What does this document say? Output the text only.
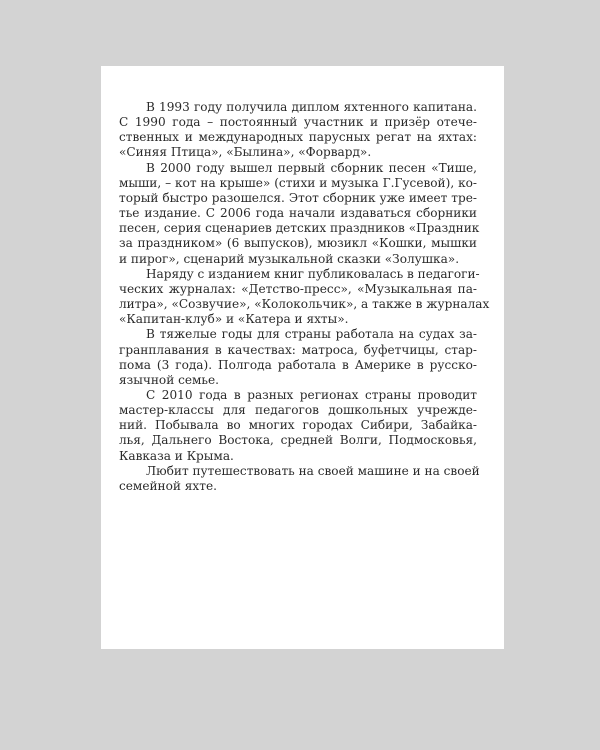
В 1993 году получила диплом яхтенного капитана.
С 1990 года – постоянный участник и призёр отече-
ственных и международных парусных регат на яхтах:
«Синяя Птица», «Былина», «Форвард».
В 2000 году вышел первый сборник песен «Тише,
мыши, – кот на крыше» (стихи и музыка Г.Гусевой), ко-
торый быстро разошелся. Этот сборник уже имеет тре-
тье издание. С 2006 года начали издаваться сборники
песен, серия сценариев детских праздников «Праздник
за праздником» (6 выпусков), мюзикл «Кошки, мышки
и пирог», сценарий музыкальной сказки «Золушка».
Наряду с изданием книг публиковалась в педагоги-
ческих журналах: «Детство-пресс», «Музыкальная па-
литра», «Созвучие», «Колокольчик», а также в журналах
«Капитан-клуб» и «Катера и яхты».
В тяжелые годы для страны работала на судах за-
гранплавания в качествах: матроса, буфетчицы, стар-
пома (3 года). Полгода работала в Америке в русско-
язычной семье.
С 2010 года в разных регионах страны проводит
мастер-классы для педагогов дошкольных учрежде-
ний. Побывала во многих городах Сибири, Забайка-
лья, Дальнего Востока, средней Волги, Подмосковья,
Кавказа и Крыма.
Любит путешествовать на своей машине и на своей
семейной яхте.
